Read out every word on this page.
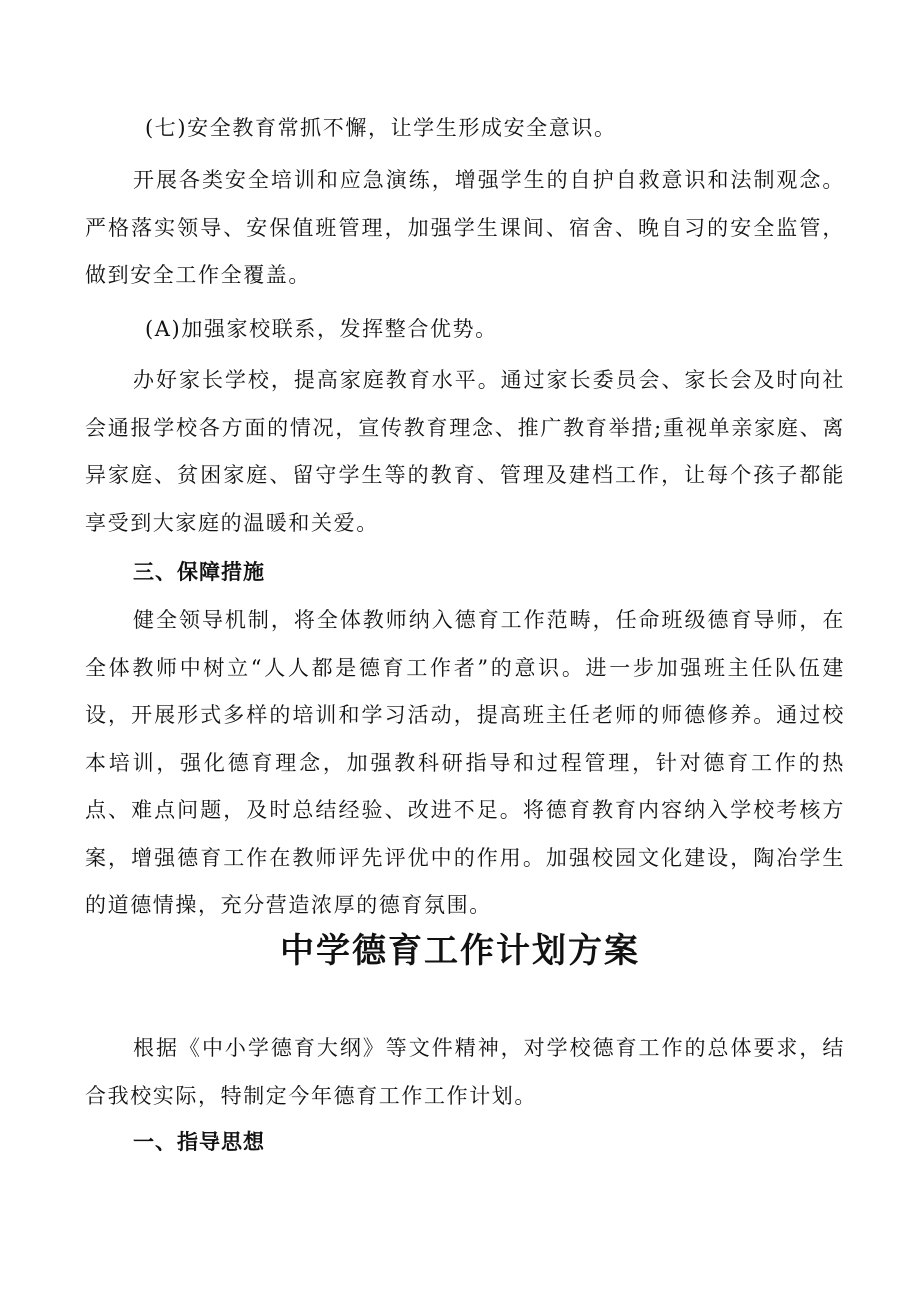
(七)安全教育常抓不懈，让学生形成安全意识。

开展各类安全培训和应急演练，增强学生的自护自救意识和法制观念。严格落实领导、安保值班管理，加强学生课间、宿舍、晚自习的安全监管，做到安全工作全覆盖。

(A)加强家校联系，发挥整合优势。

办好家长学校，提高家庭教育水平。通过家长委员会、家长会及时向社会通报学校各方面的情况，宣传教育理念、推广教育举措;重视单亲家庭、离异家庭、贫困家庭、留守学生等的教育、管理及建档工作，让每个孩子都能享受到大家庭的温暖和关爱。

三、保障措施

健全领导机制，将全体教师纳入德育工作范畴，任命班级德育导师，在全体教师中树立“人人都是德育工作者”的意识。进一步加强班主任队伍建设，开展形式多样的培训和学习活动，提高班主任老师的师德修养。通过校本培训，强化德育理念，加强教科研指导和过程管理，针对德育工作的热点、难点问题，及时总结经验、改进不足。将德育教育内容纳入学校考核方案，增强德育工作在教师评先评优中的作用。加强校园文化建设，陶冶学生的道德情操，充分营造浓厚的德育氛围。

中学德育工作计划方案

根据《中小学德育大纲》等文件精神，对学校德育工作的总体要求，结合我校实际，特制定今年德育工作工作计划。

一、指导思想
